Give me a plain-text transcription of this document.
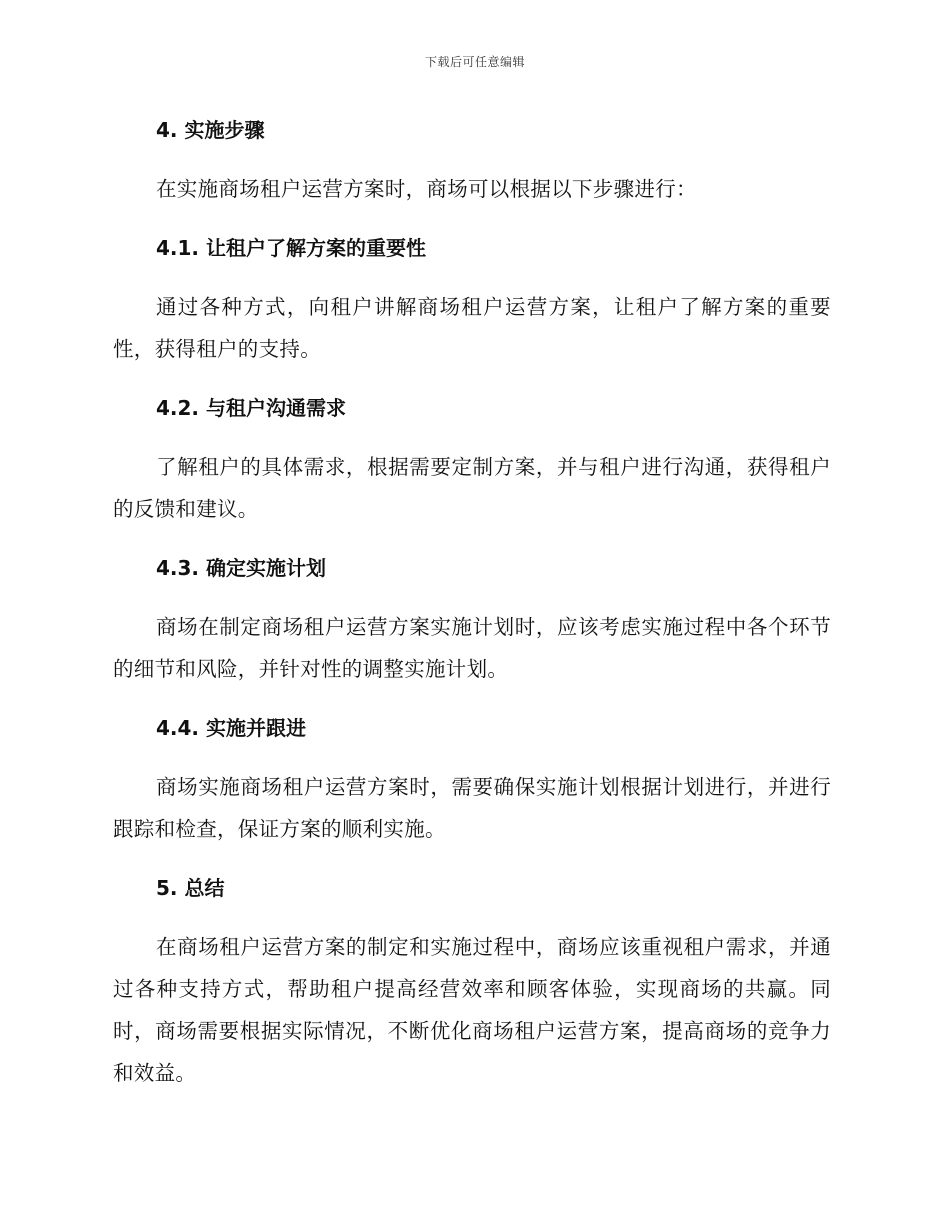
下载后可任意编辑
4. 实施步骤

在实施商场租户运营方案时，商场可以根据以下步骤进行：

4.1. 让租户了解方案的重要性

通过各种方式，向租户讲解商场租户运营方案，让租户了解方案的重要性，获得租户的支持。

4.2. 与租户沟通需求

了解租户的具体需求，根据需要定制方案，并与租户进行沟通，获得租户的反馈和建议。

4.3. 确定实施计划

商场在制定商场租户运营方案实施计划时，应该考虑实施过程中各个环节的细节和风险，并针对性的调整实施计划。

4.4. 实施并跟进

商场实施商场租户运营方案时，需要确保实施计划根据计划进行，并进行跟踪和检查，保证方案的顺利实施。

5. 总结

在商场租户运营方案的制定和实施过程中，商场应该重视租户需求，并通过各种支持方式，帮助租户提高经营效率和顾客体验，实现商场的共赢。同时，商场需要根据实际情况，不断优化商场租户运营方案，提高商场的竞争力和效益。
